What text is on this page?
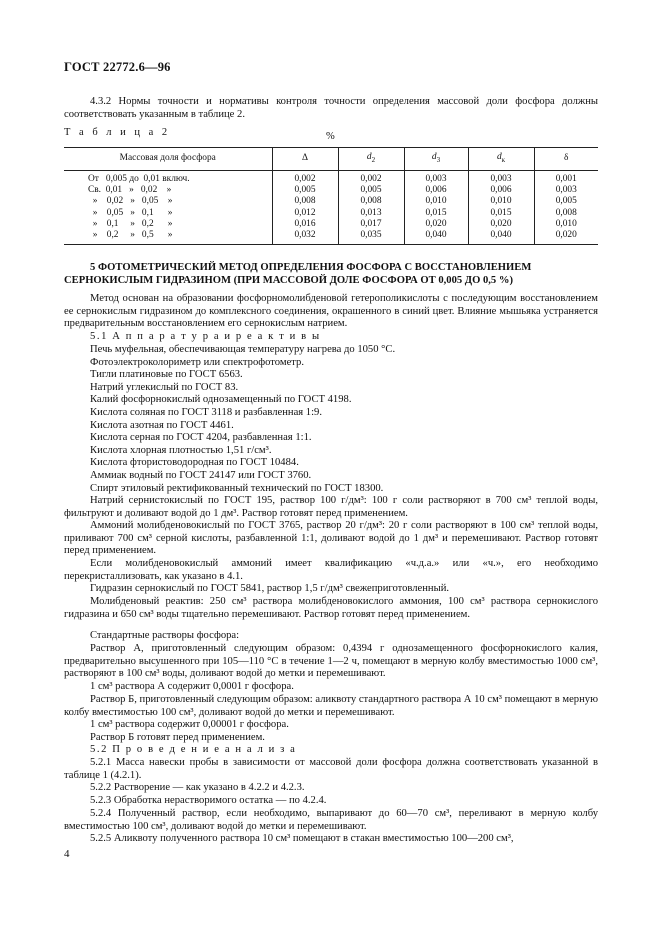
ГОСТ 22772.6—96
4.3.2 Нормы точности и нормативы контроля точности определения массовой доли фосфора должны соответствовать указанным в таблице 2.
Т а б л и ц а 2	%
Массовая доля фосфора	Δ	$d_2$	$d_3$	$d_к$	δ
От   0,005 до  0,01 включ.	0,002	0,002	0,003	0,003	0,001
Св.  0,01   »   0,02    »	0,005	0,005	0,006	0,006	0,003
»    0,02   »   0,05    »	0,008	0,008	0,010	0,010	0,005
»    0,05   »   0,1      »	0,012	0,013	0,015	0,015	0,008
»    0,1     »   0,2      »	0,016	0,017	0,020	0,020	0,010
»    0,2     »   0,5      »	0,032	0,035	0,040	0,040	0,020
5 ФОТОМЕТРИЧЕСКИЙ МЕТОД ОПРЕДЕЛЕНИЯ ФОСФОРА С ВОССТАНОВЛЕНИЕМ СЕРНОКИСЛЫМ ГИДРАЗИНОМ (ПРИ МАССОВОЙ ДОЛЕ ФОСФОРА ОТ 0,005 ДО 0,5 %)
Метод основан на образовании фосфорномолибденовой гетерополикислоты с последующим восстановлением ее сернокислым гидразином до комплексного соединения, окрашенного в синий цвет. Влияние мышьяка устраняется предварительным восстановлением его сернокислым натрием.
5.1 А п п а р а т у р а и р е а к т и в ы
Печь муфельная, обеспечивающая температуру нагрева до 1050 °С.
Фотоэлектроколориметр или спектрофотометр.
Тигли платиновые по ГОСТ 6563.
Натрий углекислый по ГОСТ 83.
Калий фосфорнокислый однозамещенный по ГОСТ 4198.
Кислота соляная по ГОСТ 3118 и разбавленная 1:9.
Кислота азотная по ГОСТ 4461.
Кислота серная по ГОСТ 4204, разбавленная 1:1.
Кислота хлорная плотностью 1,51 г/см³.
Кислота фтористоводородная по ГОСТ 10484.
Аммиак водный по ГОСТ 24147 или ГОСТ 3760.
Спирт этиловый ректификованный технический по ГОСТ 18300.
Натрий сернистокислый по ГОСТ 195, раствор 100 г/дм³: 100 г соли растворяют в 700 см³ теплой воды, фильтруют и доливают водой до 1 дм³. Раствор готовят перед применением.
Аммоний молибденовокислый по ГОСТ 3765, раствор 20 г/дм³: 20 г соли растворяют в 100 см³ теплой воды, приливают 700 см³ серной кислоты, разбавленной 1:1, доливают водой до 1 дм³ и перемешивают. Раствор готовят перед применением.
Если молибденовокислый аммоний имеет квалификацию «ч.д.а.» или «ч.», его необходимо перекристаллизовать, как указано в 4.1.
Гидразин сернокислый по ГОСТ 5841, раствор 1,5 г/дм³ свежеприготовленный.
Молибденовый реактив: 250 см³ раствора молибденовокислого аммония, 100 см³ раствора сернокислого гидразина и 650 см³ воды тщательно перемешивают. Раствор готовят перед применением.
Стандартные растворы фосфора:
Раствор А, приготовленный следующим образом: 0,4394 г однозамещенного фосфорнокислого калия, предварительно высушенного при 105—110 °С в течение 1—2 ч, помещают в мерную колбу вместимостью 1000 см³, растворяют в 100 см³ воды, доливают водой до метки и перемешивают.
1 см³ раствора А содержит 0,0001 г фосфора.
Раствор Б, приготовленный следующим образом: аликвоту стандартного раствора А 10 см³ помещают в мерную колбу вместимостью 100 см³, доливают водой до метки и перемешивают.
1 см³ раствора содержит 0,00001 г фосфора.
Раствор Б готовят перед применением.
5.2 П р о в е д е н и е а н а л и з а
5.2.1 Масса навески пробы в зависимости от массовой доли фосфора должна соответствовать указанной в таблице 1 (4.2.1).
5.2.2 Растворение — как указано в 4.2.2 и 4.2.3.
5.2.3 Обработка нерастворимого остатка — по 4.2.4.
5.2.4 Полученный раствор, если необходимо, выпаривают до 60—70 см³, переливают в мерную колбу вместимостью 100 см³, доливают водой до метки и перемешивают.
5.2.5 Аликвоту полученного раствора 10 см³ помещают в стакан вместимостью 100—200 см³,
4
